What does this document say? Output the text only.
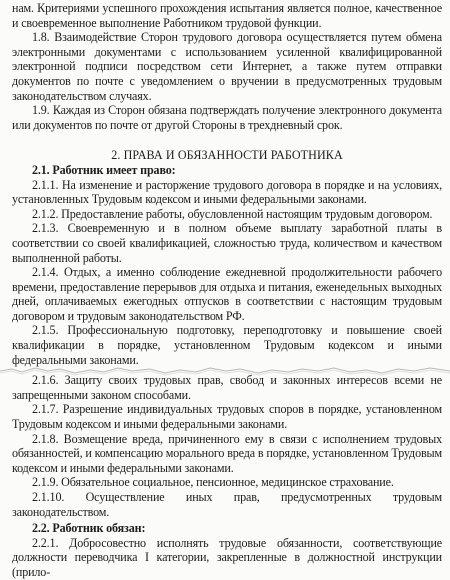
нам. Критериями успешного прохождения испытания является полное, качественное и своевременное выполнение Работником трудовой функции.

1.8. Взаимодействие Сторон трудового договора осуществляется путем обмена электронными документами с использованием усиленной квалифицированной электронной подписи посредством сети Интернет, а также путем отправки документов по почте с уведомлением о вручении в предусмотренных трудовым законодательством случаях.

1.9. Каждая из Сторон обязана подтверждать получение электронного документа или документов по почте от другой Стороны в трехдневный срок.

2. ПРАВА И ОБЯЗАННОСТИ РАБОТНИКА

2.1. Работник имеет право:

2.1.1. На изменение и расторжение трудового договора в порядке и на условиях, установленных Трудовым кодексом и иными федеральными законами.

2.1.2. Предоставление работы, обусловленной настоящим трудовым договором.

2.1.3. Своевременную и в полном объеме выплату заработной платы в соответствии со своей квалификацией, сложностью труда, количеством и качеством выполненной работы.

2.1.4. Отдых, а именно соблюдение ежедневной продолжительности рабочего времени, предоставление перерывов для отдыха и питания, еженедельных выходных дней, оплачиваемых ежегодных отпусков в соответствии с настоящим трудовым договором и трудовым законодательством РФ.

2.1.5. Профессиональную подготовку, переподготовку и повышение своей квалификации в порядке, установленном Трудовым кодексом и иными федеральными законами.

2.1.6. Защиту своих трудовых прав, свобод и законных интересов всеми не запрещенными законом способами.

2.1.7. Разрешение индивидуальных трудовых споров в порядке, установленном Трудовым кодексом и иными федеральными законами.

2.1.8. Возмещение вреда, причиненного ему в связи с исполнением трудовых обязанностей, и компенсацию морального вреда в порядке, установленном Трудовым кодексом и иными федеральными законами.

2.1.9. Обязательное социальное, пенсионное, медицинское страхование.

2.1.10. Осуществление иных прав, предусмотренных трудовым законодательством.

2.2. Работник обязан:

2.2.1. Добросовестно исполнять трудовые обязанности, соответствующие должности переводчика I категории, закрепленные в должностной инструкции (прило-
